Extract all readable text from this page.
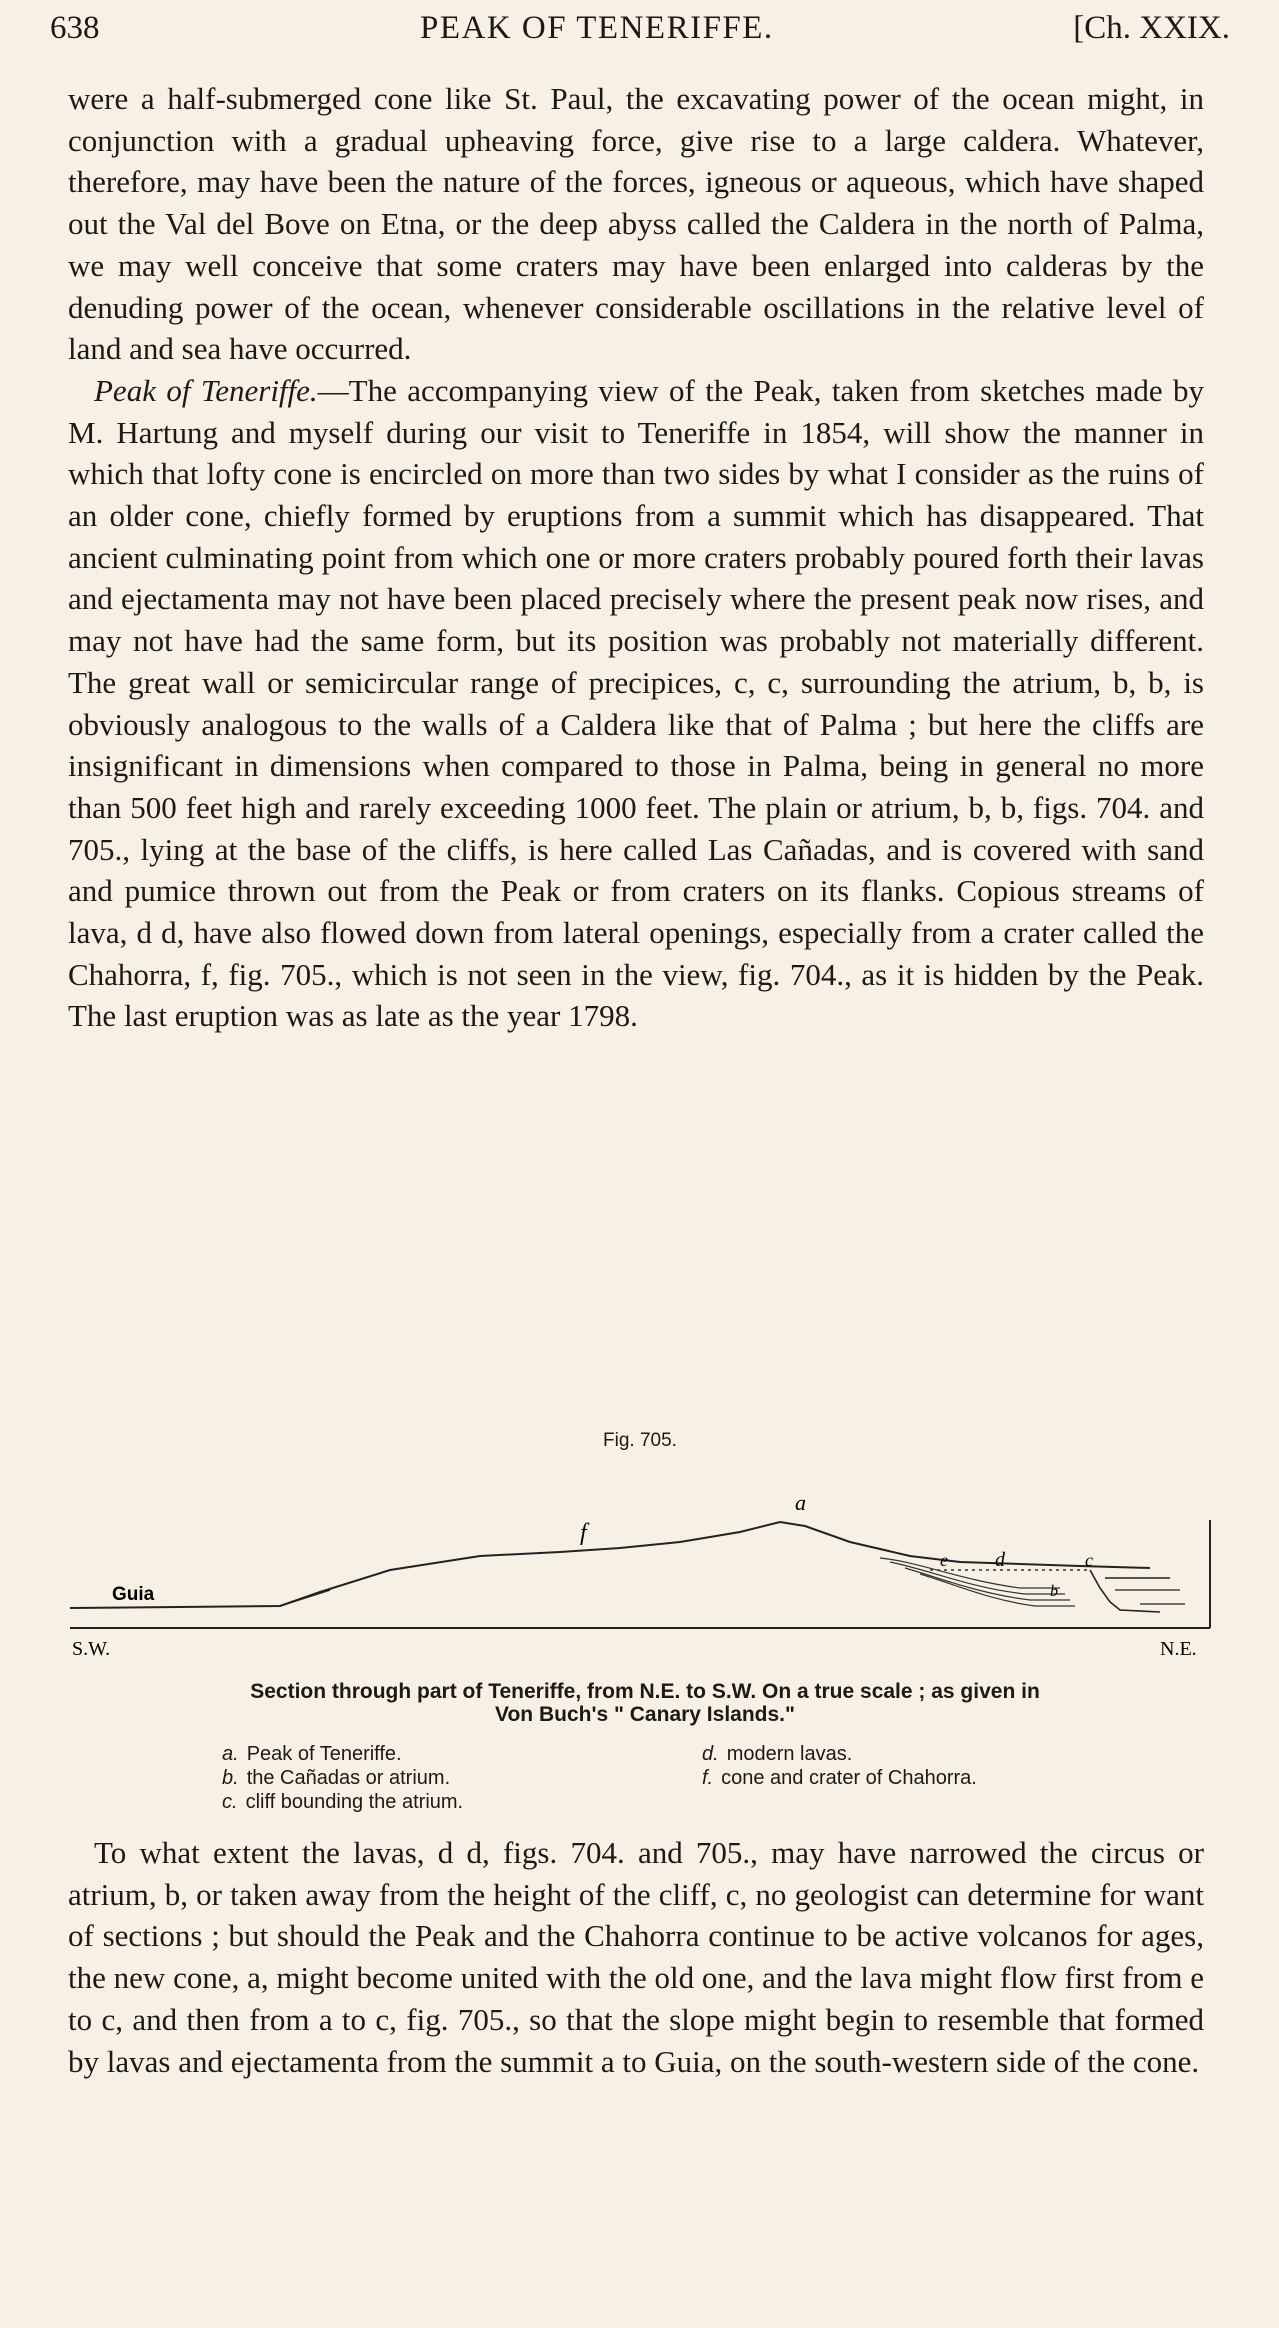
638	PEAK OF TENERIFFE.	[Ch. XXIX.

were a half-submerged cone like St. Paul, the excavating power of the ocean might, in conjunction with a gradual upheaving force, give rise to a large caldera. Whatever, therefore, may have been the nature of the forces, igneous or aqueous, which have shaped out the Val del Bove on Etna, or the deep abyss called the Caldera in the north of Palma, we may well conceive that some craters may have been enlarged into calderas by the denuding power of the ocean, whenever considerable oscillations in the relative level of land and sea have occurred.

Peak of Teneriffe.—The accompanying view of the Peak, taken from sketches made by M. Hartung and myself during our visit to Teneriffe in 1854, will show the manner in which that lofty cone is encircled on more than two sides by what I consider as the ruins of an older cone, chiefly formed by eruptions from a summit which has disappeared. That ancient culminating point from which one or more craters probably poured forth their lavas and ejectamenta may not have been placed precisely where the present peak now rises, and may not have had the same form, but its position was probably not materially different. The great wall or semicircular range of precipices, c, c, surrounding the atrium, b, b, is obviously analogous to the walls of a Caldera like that of Palma ; but here the cliffs are insignificant in dimensions when compared to those in Palma, being in general no more than 500 feet high and rarely exceeding 1000 feet. The plain or atrium, b, b, figs. 704. and 705., lying at the base of the cliffs, is here called Las Cañadas, and is covered with sand and pumice thrown out from the Peak or from craters on its flanks. Copious streams of lava, d d, have also flowed down from lateral openings, especially from a crater called the Chahorra, f, fig. 705., which is not seen in the view, fig. 704., as it is hidden by the Peak. The last eruption was as late as the year 1798.

Fig. 705.
a
f
e d	c
b
Guia
S.W.	N.E.
Section through part of Teneriffe, from N.E. to S.W. On a true scale ; as given in
Von Buch's " Canary Islands."
a. Peak of Teneriffe.
b. the Cañadas or atrium.
c. cliff bounding the atrium.
d. modern lavas.
f. cone and crater of Chahorra.

To what extent the lavas, d d, figs. 704. and 705., may have narrowed the circus or atrium, b, or taken away from the height of the cliff, c, no geologist can determine for want of sections ; but should the Peak and the Chahorra continue to be active volcanos for ages, the new cone, a, might become united with the old one, and the lava might flow first from e to c, and then from a to c, fig. 705., so that the slope might begin to resemble that formed by lavas and ejectamenta from the summit a to Guia, on the south-western side of the cone.
